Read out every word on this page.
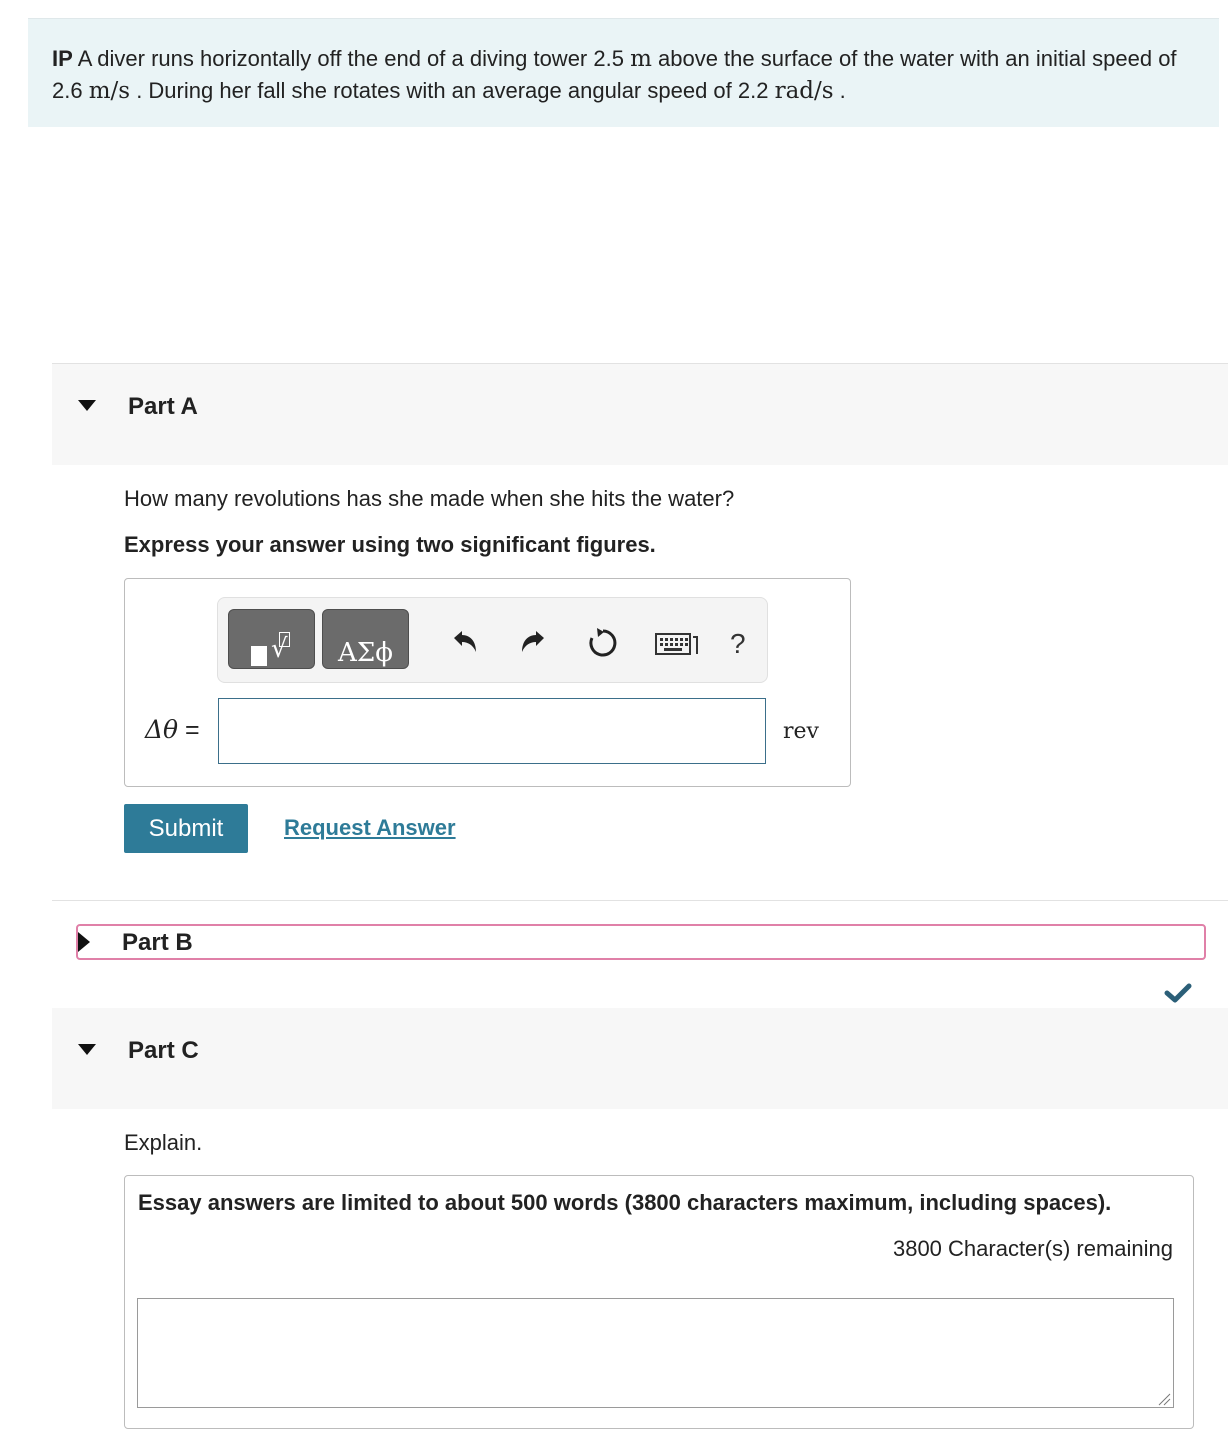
IP A diver runs horizontally off the end of a diving tower 2.5 m above the surface of the water with an initial speed of 2.6 m/s . During her fall she rotates with an average angular speed of 2.2 rad/s .
Part A
How many revolutions has she made when she hits the water?
Express your answer using two significant figures.
√	ΑΣϕ	?
Δθ =	rev
Submit	Request Answer
Part B
Part C
Explain.
Essay answers are limited to about 500 words (3800 characters maximum, including spaces).
3800 Character(s) remaining
